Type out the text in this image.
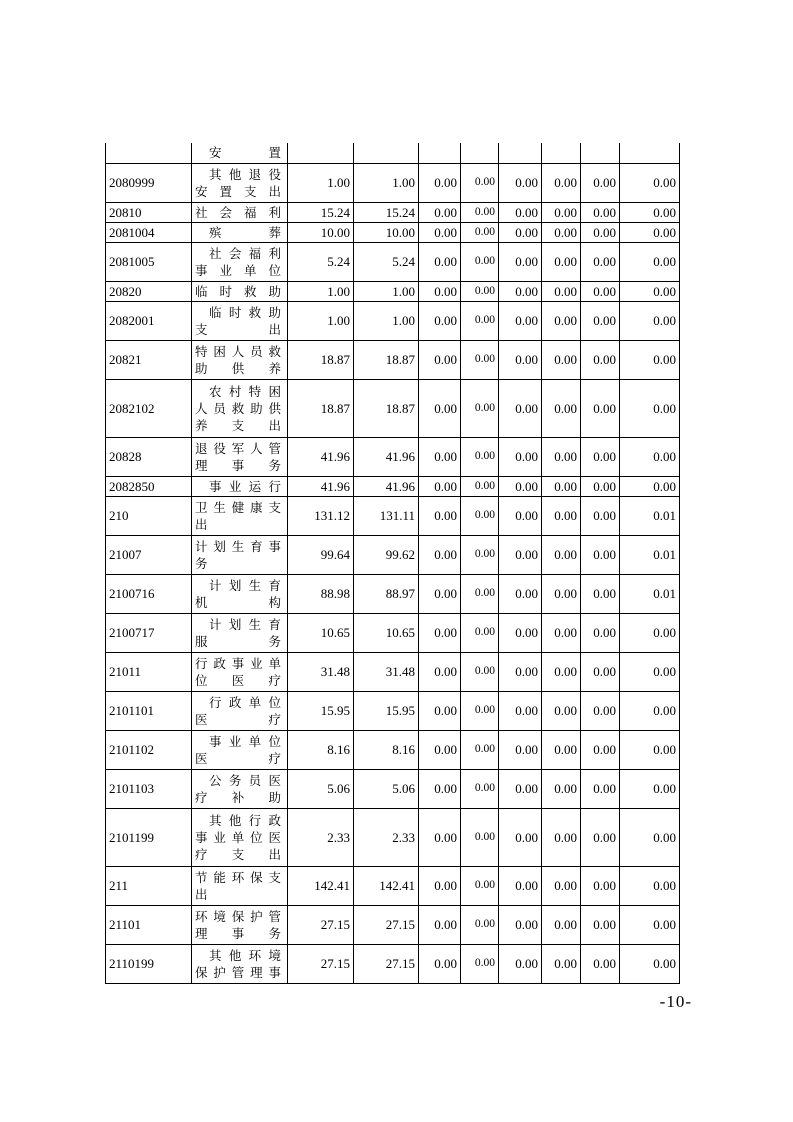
	安置								
2080999	其他退役安置支出	1.00	1.00	0.00	0.00	0.00	0.00	0.00	0.00
20810	社会福利	15.24	15.24	0.00	0.00	0.00	0.00	0.00	0.00
2081004	殡葬	10.00	10.00	0.00	0.00	0.00	0.00	0.00	0.00
2081005	社会福利事业单位	5.24	5.24	0.00	0.00	0.00	0.00	0.00	0.00
20820	临时救助	1.00	1.00	0.00	0.00	0.00	0.00	0.00	0.00
2082001	临时救助支出	1.00	1.00	0.00	0.00	0.00	0.00	0.00	0.00
20821	特困人员救助供养	18.87	18.87	0.00	0.00	0.00	0.00	0.00	0.00
2082102	农村特困人员救助供养支出	18.87	18.87	0.00	0.00	0.00	0.00	0.00	0.00
20828	退役军人管理事务	41.96	41.96	0.00	0.00	0.00	0.00	0.00	0.00
2082850	事业运行	41.96	41.96	0.00	0.00	0.00	0.00	0.00	0.00
210	卫生健康支出	131.12	131.11	0.00	0.00	0.00	0.00	0.00	0.01
21007	计划生育事务	99.64	99.62	0.00	0.00	0.00	0.00	0.00	0.01
2100716	计划生育机构	88.98	88.97	0.00	0.00	0.00	0.00	0.00	0.01
2100717	计划生育服务	10.65	10.65	0.00	0.00	0.00	0.00	0.00	0.00
21011	行政事业单位医疗	31.48	31.48	0.00	0.00	0.00	0.00	0.00	0.00
2101101	行政单位医疗	15.95	15.95	0.00	0.00	0.00	0.00	0.00	0.00
2101102	事业单位医疗	8.16	8.16	0.00	0.00	0.00	0.00	0.00	0.00
2101103	公务员医疗补助	5.06	5.06	0.00	0.00	0.00	0.00	0.00	0.00
2101199	其他行政事业单位医疗支出	2.33	2.33	0.00	0.00	0.00	0.00	0.00	0.00
211	节能环保支出	142.41	142.41	0.00	0.00	0.00	0.00	0.00	0.00
21101	环境保护管理事务	27.15	27.15	0.00	0.00	0.00	0.00	0.00	0.00
2110199	其他环境保护管理事	27.15	27.15	0.00	0.00	0.00	0.00	0.00	0.00
-10-
